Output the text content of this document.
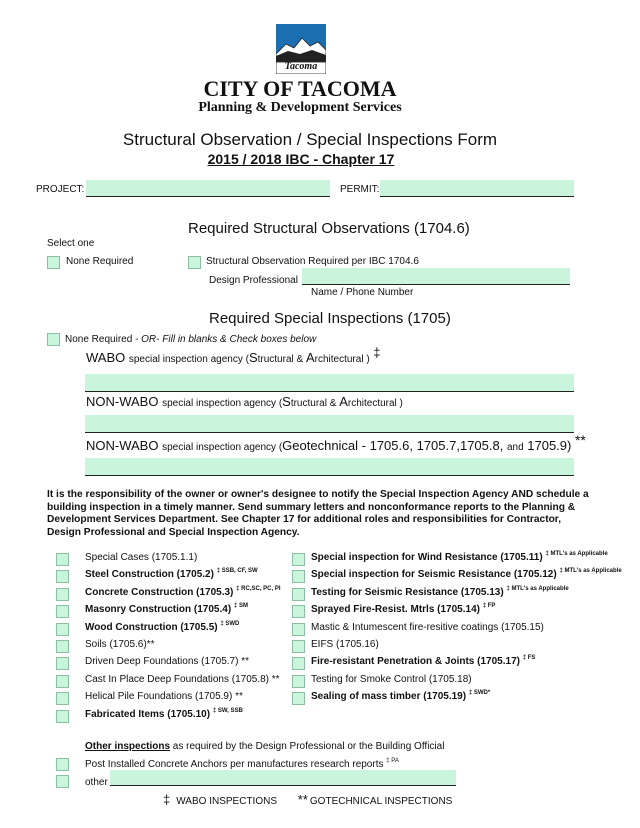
Tacoma
CITY OF TACOMA
Planning & Development Services
Structural Observation / Special Inspections Form
2015 / 2018 IBC - Chapter 17
PROJECT:	PERMIT:
Required Structural Observations (1704.6)
Select one
None Required	Structural Observation Required per IBC 1704.6
Design Professional
Name / Phone Number
Required Special Inspections (1705)
None Required - OR- Fill in blanks & Check boxes below
WABO special inspection agency (Structural & Architectural ) ‡
NON-WABO special inspection agency (Structural & Architectural )
NON-WABO special inspection agency (Geotechnical - 1705.6, 1705.7,1705.8, and 1705.9) **
It is the responsibility of the owner or owner's designee to notify the Special Inspection Agency AND schedule a building inspection in a timely manner. Send summary letters and nonconformance reports to the Planning & Development Services Department. See Chapter 17 for additional roles and responsibilities for Contractor, Design Professional and Special Inspection Agency.
Special Cases (1705.1.1)
Steel Construction (1705.2) $^{\ddagger SSB, CF, SW}$
Concrete Construction (1705.3) $^{\ddagger RC,SC, PC, PI}$
Masonry Construction (1705.4) $^{\ddagger SM}$
Wood Construction (1705.5) $^{\ddagger SWD}$
Soils (1705.6)**
Driven Deep Foundations (1705.7) **
Cast In Place Deep Foundations (1705.8) **
Helical Pile Foundations (1705.9) **
Fabricated Items (1705.10) $^{\ddagger SW, SSB}$
Special inspection for Wind Resistance (1705.11) $^{\ddagger MTL's as Applicable}$
Special inspection for Seismic Resistance (1705.12) $^{\ddagger MTL's as Applicable}$
Testing for Seismic Resistance (1705.13) $^{\ddagger MTL's as Applicable}$
Sprayed Fire-Resist. Mtrls (1705.14) $^{\ddagger FP}$
Mastic & Intumescent fire-resitive coatings (1705.15)
EIFS (1705.16)
Fire-resistant Penetration & Joints (1705.17) $^{\ddagger FS}$
Testing for Smoke Control (1705.18)
Sealing of mass timber (1705.19) $^{\ddagger SWD*}$
Other inspections as required by the Design Professional or the Building Official
Post Installed Concrete Anchors per manufactures research reports $^{\ddagger PA}$
other
‡ WABO INSPECTIONS ** GOTECHNICAL INSPECTIONS
